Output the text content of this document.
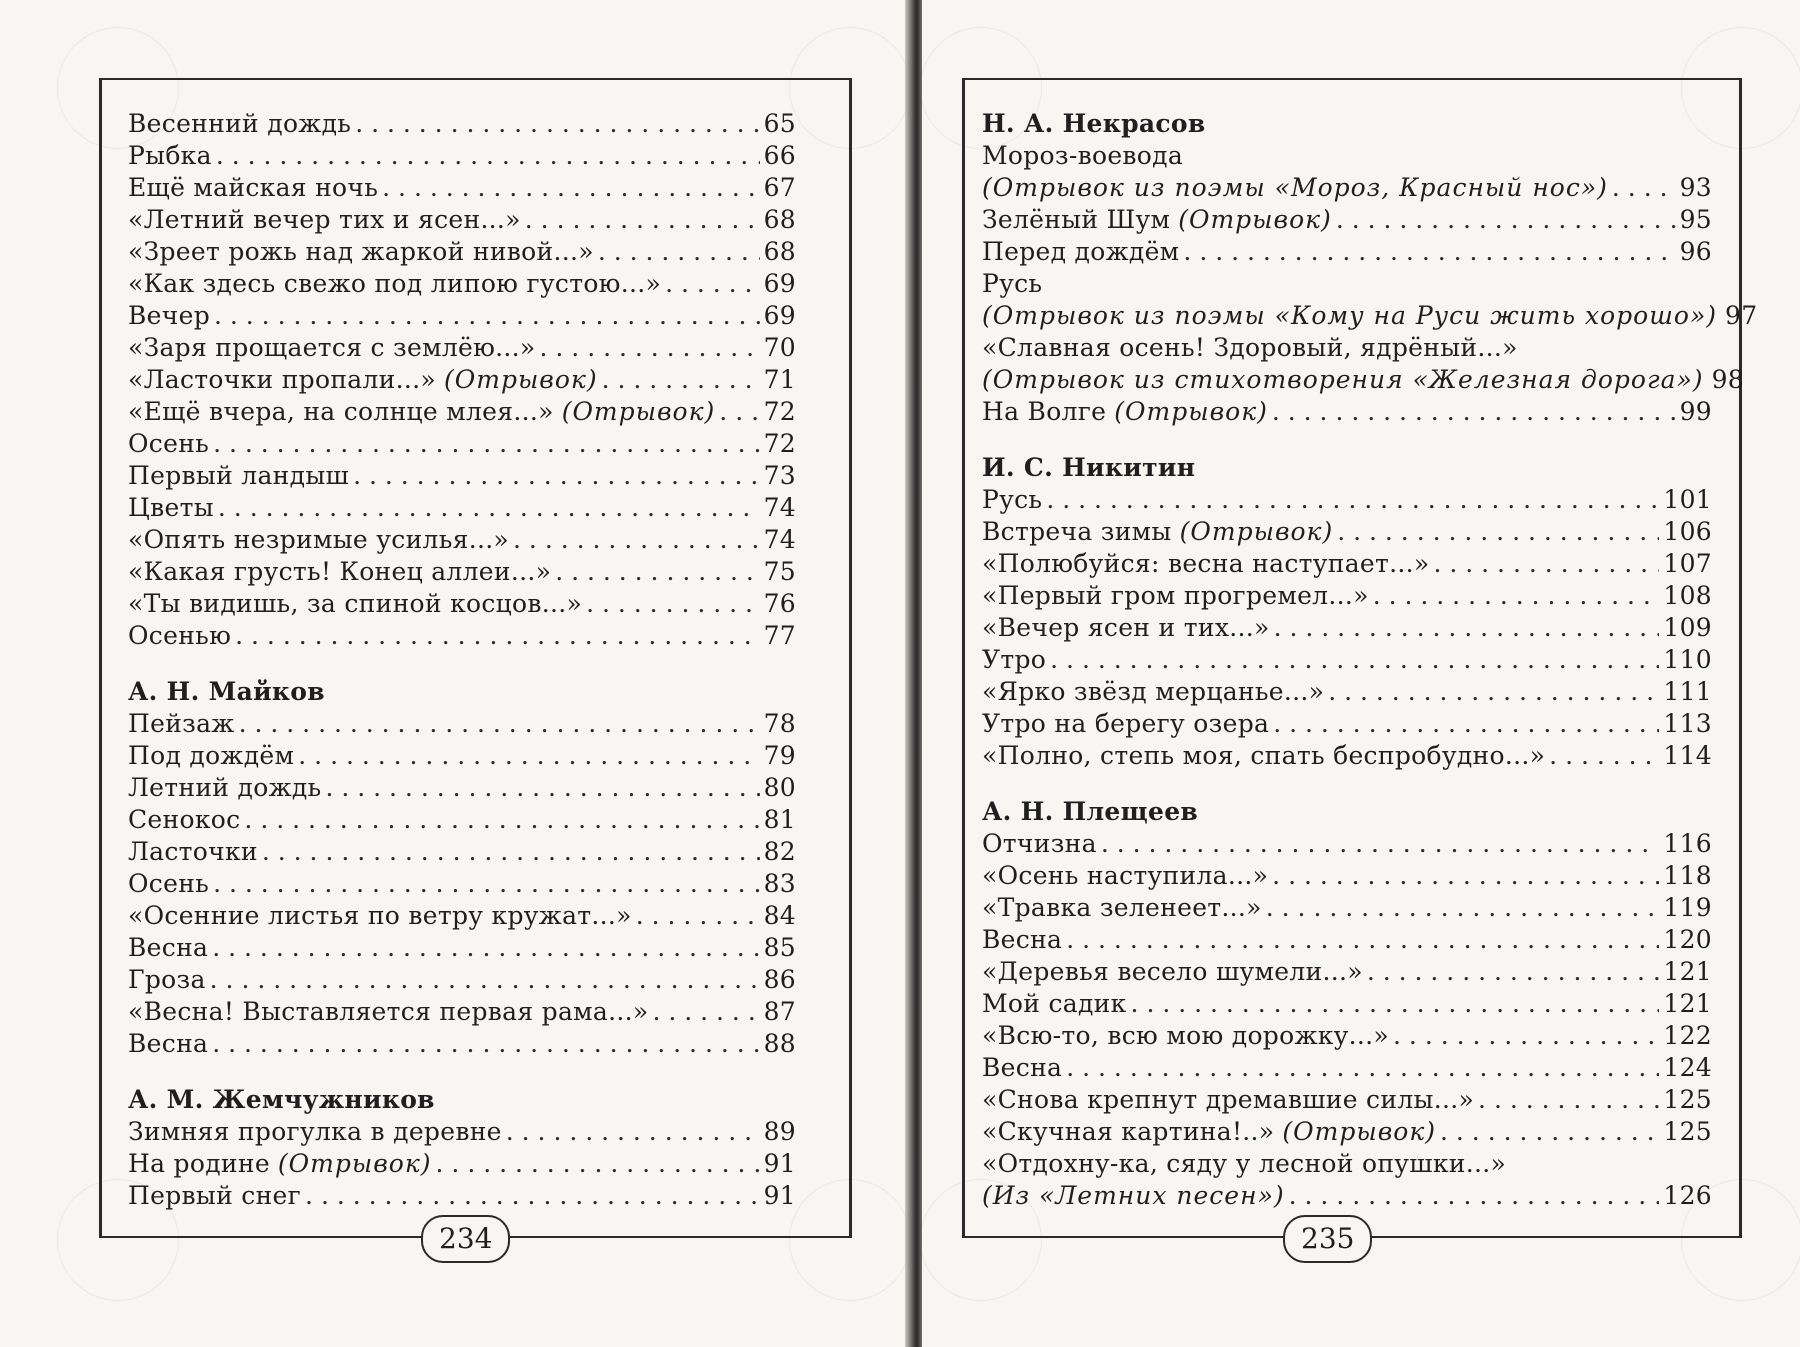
Весенний дождь . . .	65
Рыбка . . .	66
Ещё майская ночь . . .	67
«Летний вечер тих и ясен...» . . .	68
«Зреет рожь над жаркой нивой...» . . .	68
«Как здесь свежо под липою густою...» . . .	69
Вечер . . .	69
«Заря прощается с землёю...» . . .	70
«Ласточки пропали...» (Отрывок) . . .	71
«Ещё вчера, на солнце млея...» (Отрывок) . . . 72
Осень . . .	72
Первый ландыш . . .	73
Цветы . . .	74
«Опять незримые усилья...» . . .	74
«Какая грусть! Конец аллеи...» . . .	75
«Ты видишь, за спиной косцов...» . . .	76
Осенью . . .	77
А. Н. Майков
Пейзаж . . .	78
Под дождём . . .	79
Летний дождь . . .	80
Сенокос . . .	81
Ласточки . . .	82
Осень . . .	83
«Осенние листья по ветру кружат...» . . .	84
Весна . . .	85
Гроза . . .	86
«Весна! Выставляется первая рама...» . . .	87
Весна . . .	88
А. М. Жемчужников
Зимняя прогулка в деревне . . .	89
На родине (Отрывок) . . .	91
Первый снег . . .	91
234
Н. А. Некрасов
Мороз-воевода
(Отрывок из поэмы «Мороз, Красный нос») . . .	93
Зелёный Шум (Отрывок) . . .	95
Перед дождём . . .	96
Русь
(Отрывок из поэмы «Кому на Руси жить хорошо») 97
«Славная осень! Здоровый, ядрёный...»
(Отрывок из стихотворения «Железная дорога») 98
На Волге (Отрывок) . . .	99
И. С. Никитин
Русь . . .	101
Встреча зимы (Отрывок) . . .	106
«Полюбуйся: весна наступает...» . . .	107
«Первый гром прогремел...» . . .	108
«Вечер ясен и тих...» . . .	109
Утро . . .	110
«Ярко звёзд мерцанье...» . . .	111
Утро на берегу озера . . .	113
«Полно, степь моя, спать беспробудно...» . . .	114
А. Н. Плещеев
Отчизна . . .	116
«Осень наступила...» . . .	118
«Травка зеленеет...» . . .	119
Весна . . .	120
«Деревья весело шумели...» . . .	121
Мой садик . . .	121
«Всю-то, всю мою дорожку...» . . .	122
Весна . . .	124
«Снова крепнут дремавшие силы...» . . .	125
«Скучная картина!..» (Отрывок) . . .	125
«Отдохну-ка, сяду у лесной опушки...»
(Из «Летних песен») . . .	126
235
